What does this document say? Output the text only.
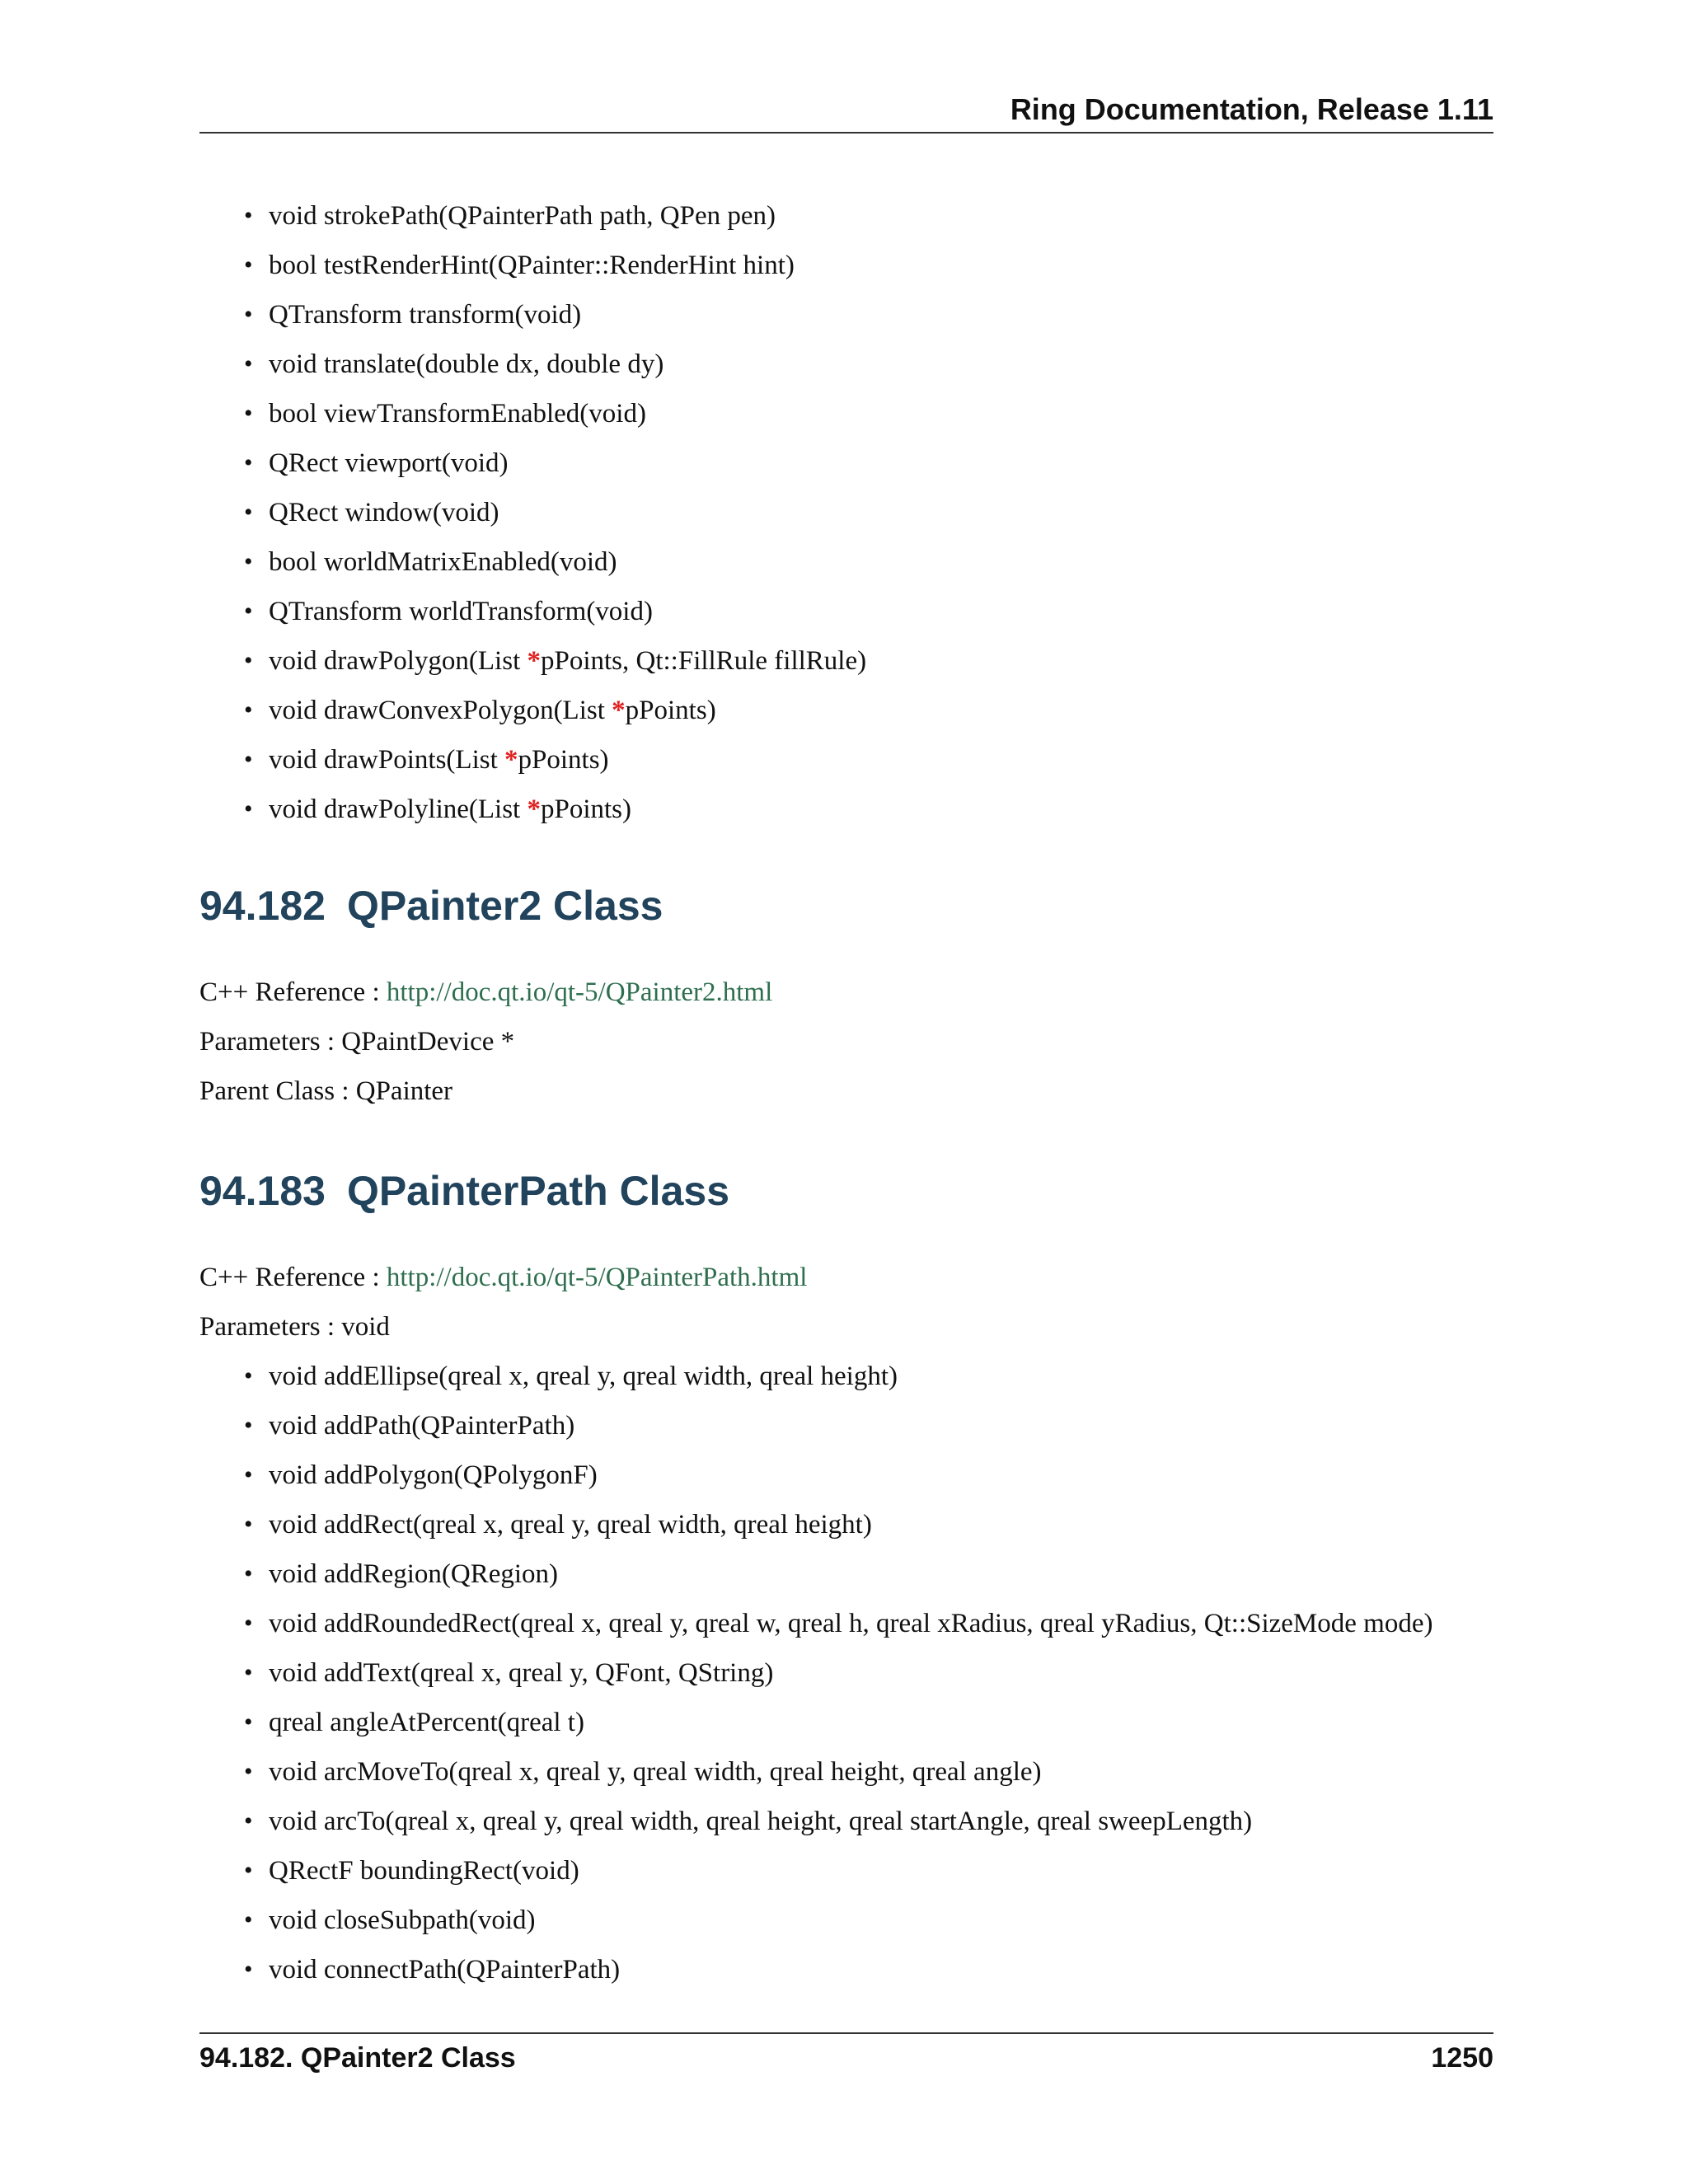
Ring Documentation, Release 1.11
• void strokePath(QPainterPath path, QPen pen)
• bool testRenderHint(QPainter::RenderHint hint)
• QTransform transform(void)
• void translate(double dx, double dy)
• bool viewTransformEnabled(void)
• QRect viewport(void)
• QRect window(void)
• bool worldMatrixEnabled(void)
• QTransform worldTransform(void)
• void drawPolygon(List *pPoints, Qt::FillRule fillRule)
• void drawConvexPolygon(List *pPoints)
• void drawPoints(List *pPoints)
• void drawPolyline(List *pPoints)
94.182 QPainter2 Class
C++ Reference : http://doc.qt.io/qt-5/QPainter2.html
Parameters : QPaintDevice *
Parent Class : QPainter
94.183 QPainterPath Class
C++ Reference : http://doc.qt.io/qt-5/QPainterPath.html
Parameters : void
• void addEllipse(qreal x, qreal y, qreal width, qreal height)
• void addPath(QPainterPath)
• void addPolygon(QPolygonF)
• void addRect(qreal x, qreal y, qreal width, qreal height)
• void addRegion(QRegion)
• void addRoundedRect(qreal x, qreal y, qreal w, qreal h, qreal xRadius, qreal yRadius, Qt::SizeMode mode)
• void addText(qreal x, qreal y, QFont, QString)
• qreal angleAtPercent(qreal t)
• void arcMoveTo(qreal x, qreal y, qreal width, qreal height, qreal angle)
• void arcTo(qreal x, qreal y, qreal width, qreal height, qreal startAngle, qreal sweepLength)
• QRectF boundingRect(void)
• void closeSubpath(void)
• void connectPath(QPainterPath)
94.182. QPainter2 Class	1250
